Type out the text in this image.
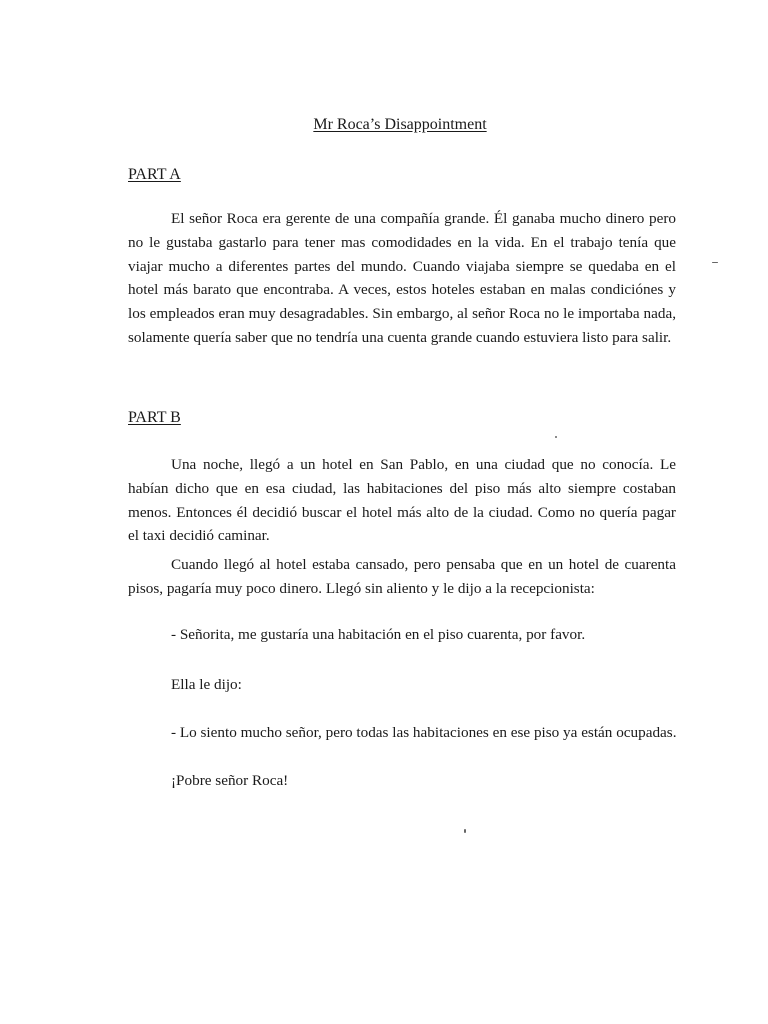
Mr Roca’s Disappointment
PART A
El señor Roca era gerente de una compañía grande. Él ganaba mucho dinero pero no le gustaba gastarlo para tener mas comodidades en la vida. En el trabajo tenía que viajar mucho a diferentes partes del mundo. Cuando viajaba siempre se quedaba en el hotel más barato que encontraba. A veces, estos hoteles estaban en malas condiciónes y los empleados eran muy desagradables. Sin embargo, al señor Roca no le importaba nada, solamente quería saber que no tendría una cuenta grande cuando estuviera listo para salir.
PART B
Una noche, llegó a un hotel en San Pablo, en una ciudad que no conocía. Le habían dicho que en esa ciudad, las habitaciones del piso más alto siempre costaban menos. Entonces él decidió buscar el hotel más alto de la ciudad. Como no quería pagar el taxi decidió caminar.
Cuando llegó al hotel estaba cansado, pero pensaba que en un hotel de cuarenta pisos, pagaría muy poco dinero. Llegó sin aliento y le dijo a la recepcionista:
- Señorita, me gustaría una habitación en el piso cuarenta, por favor.
Ella le dijo:
- Lo siento mucho señor, pero todas las habitaciones en ese piso ya están ocupadas.
¡Pobre señor Roca!
